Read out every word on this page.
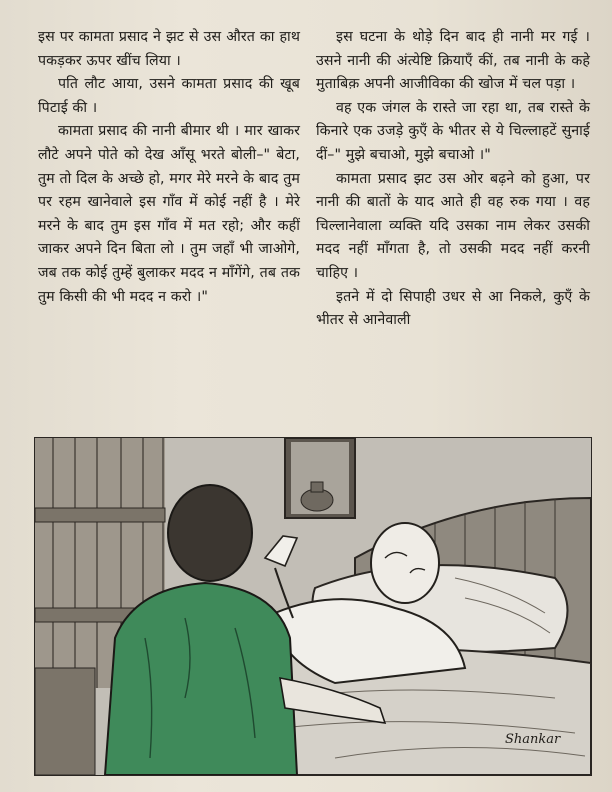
इस पर कामता प्रसाद ने झट से उस औरत का हाथ पकड़कर ऊपर खींच लिया ।

पति लौट आया, उसने कामता प्रसाद की खूब पिटाई की ।

कामता प्रसाद की नानी बीमार थी । मार खाकर लौटे अपने पोते को देख आँसू भरते बोली–" बेटा, तुम तो दिल के अच्छे हो, मगर मेरे मरने के बाद तुम पर रहम खानेवाले इस गाँव में कोई नहीं है । मेरे मरने के बाद तुम इस गाँव में मत रहो; और कहीं जाकर अपने दिन बिता लो । तुम जहाँ भी जाओगे, जब तक कोई तुम्हें बुलाकर मदद न माँगेंगे, तब तक तुम किसी की भी मदद न करो ।"

इस घटना के थोड़े दिन बाद ही नानी मर गई । उसने नानी की अंत्येष्टि क्रियाएँ कीं, तब नानी के कहे मुताबिक़ अपनी आजीविका की खोज में चल पड़ा ।

वह एक जंगल के रास्ते जा रहा था, तब रास्ते के किनारे एक उजड़े कुएँ के भीतर से ये चिल्लाहटें सुनाई दीं–" मुझे बचाओ, मुझे बचाओ ।"

कामता प्रसाद झट उस ओर बढ़ने को हुआ, पर नानी की बातों के याद आते ही वह रुक गया । वह चिल्लानेवाला व्यक्ति यदि उसका नाम लेकर उसकी मदद नहीं माँगता है, तो उसकी मदद नहीं करनी चाहिए ।

इतने में दो सिपाही उधर से आ निकले, कुएँ के भीतर से आनेवाली

Shankar
